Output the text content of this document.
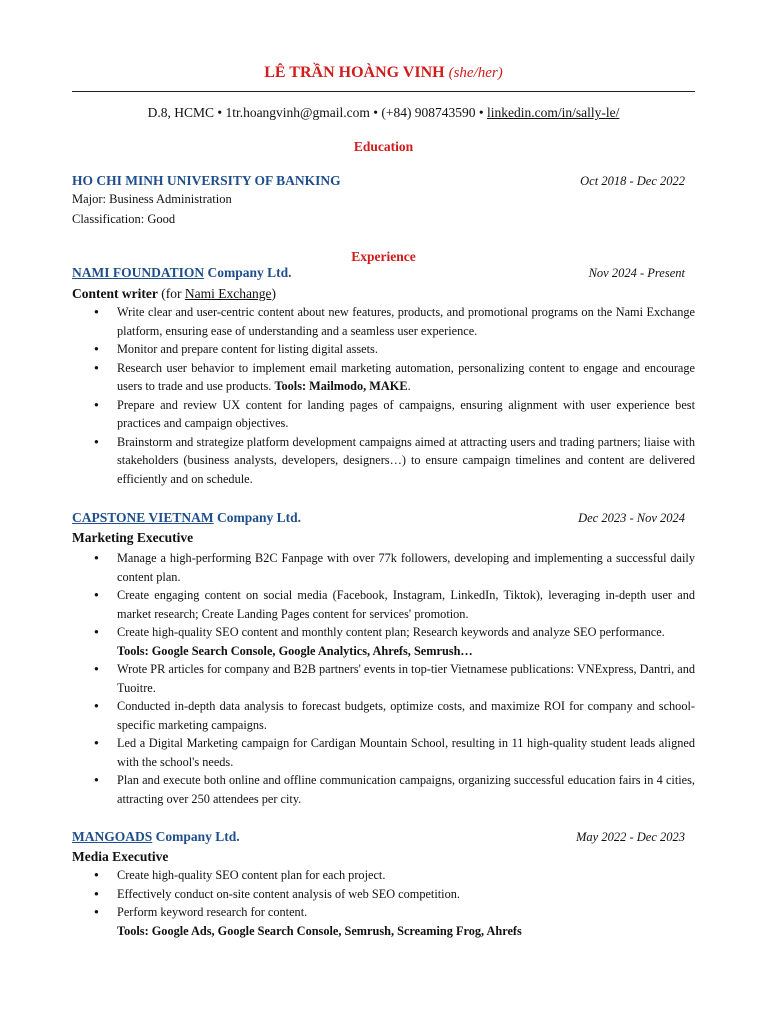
LÊ TRẦN HOÀNG VINH (she/her)
D.8, HCMC • 1tr.hoangvinh@gmail.com • (+84) 908743590 • linkedin.com/in/sally-le/
Education
HO CHI MINH UNIVERSITY OF BANKING	Oct 2018 - Dec 2022
Major: Business Administration
Classification: Good
Experience
NAMI FOUNDATION Company Ltd.	Nov 2024 - Present
Content writer (for Nami Exchange)
● Write clear and user-centric content about new features, products, and promotional programs on the Nami Exchange platform, ensuring ease of understanding and a seamless user experience.
● Monitor and prepare content for listing digital assets.
● Research user behavior to implement email marketing automation, personalizing content to engage and encourage users to trade and use products. Tools: Mailmodo, MAKE.
● Prepare and review UX content for landing pages of campaigns, ensuring alignment with user experience best practices and campaign objectives.
● Brainstorm and strategize platform development campaigns aimed at attracting users and trading partners; liaise with stakeholders (business analysts, developers, designers…) to ensure campaign timelines and content are delivered efficiently and on schedule.
CAPSTONE VIETNAM Company Ltd.	Dec 2023 - Nov 2024
Marketing Executive
● Manage a high-performing B2C Fanpage with over 77k followers, developing and implementing a successful daily content plan.
● Create engaging content on social media (Facebook, Instagram, LinkedIn, Tiktok), leveraging in-depth user and market research; Create Landing Pages content for services' promotion.
● Create high-quality SEO content and monthly content plan; Research keywords and analyze SEO performance.
Tools: Google Search Console, Google Analytics, Ahrefs, Semrush…
● Wrote PR articles for company and B2B partners' events in top-tier Vietnamese publications: VNExpress, Dantri, and Tuoitre.
● Conducted in-depth data analysis to forecast budgets, optimize costs, and maximize ROI for company and school-specific marketing campaigns.
● Led a Digital Marketing campaign for Cardigan Mountain School, resulting in 11 high-quality student leads aligned with the school's needs.
● Plan and execute both online and offline communication campaigns, organizing successful education fairs in 4 cities, attracting over 250 attendees per city.
MANGOADS Company Ltd.	May 2022 - Dec 2023
Media Executive
● Create high-quality SEO content plan for each project.
● Effectively conduct on-site content analysis of web SEO competition.
● Perform keyword research for content.
Tools: Google Ads, Google Search Console, Semrush, Screaming Frog, Ahrefs
